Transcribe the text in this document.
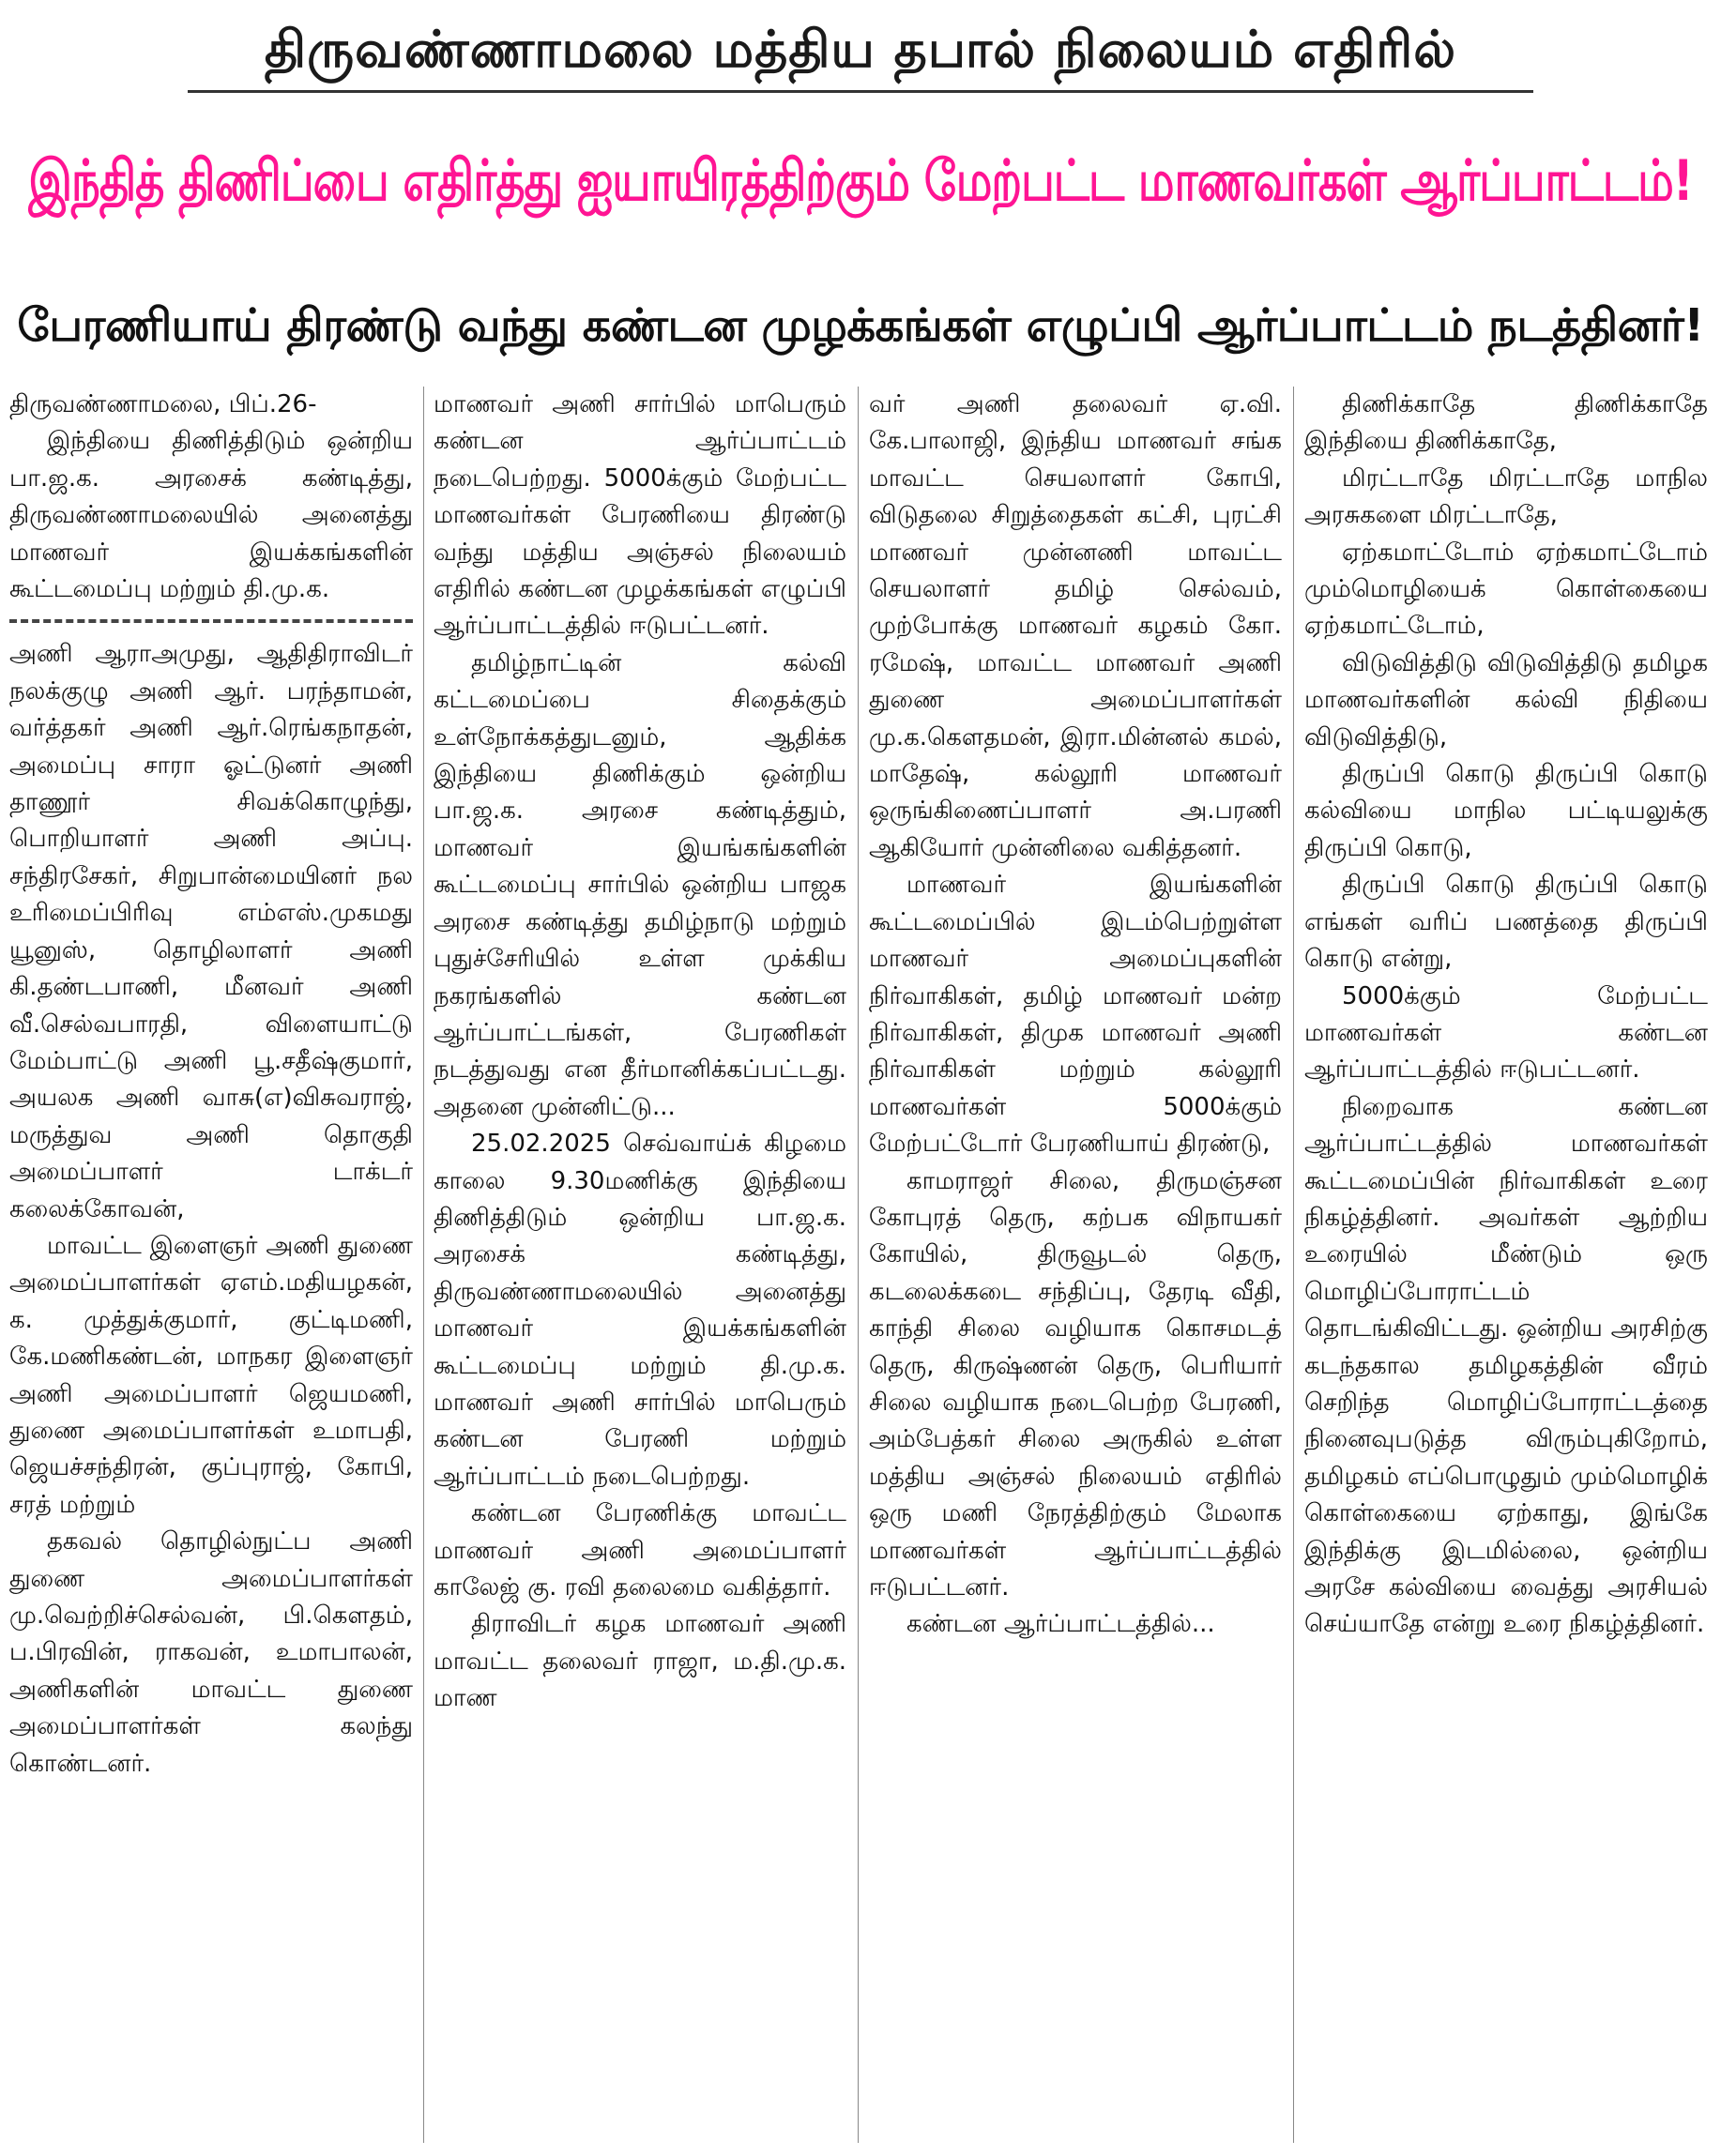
திருவண்ணாமலை மத்திய தபால் நிலையம் எதிரில்
இந்தித் திணிப்பை எதிர்த்து ஐயாயிரத்திற்கும் மேற்பட்ட மாணவர்கள் ஆர்ப்பாட்டம்!
பேரணியாய் திரண்டு வந்து கண்டன முழக்கங்கள் எழுப்பி ஆர்ப்பாட்டம் நடத்தினர்!

திருவண்ணாமலை, பிப்.26-

இந்தியை திணித்திடும் ஒன்றிய பா.ஜ.க. அரசைக் கண்டித்து, திருவண்ணாமலையில் அனைத்து மாணவர் இயக்கங்களின் கூட்டமைப்பு மற்றும் தி.மு.க.

அணி ஆராஅமுது, ஆதிதிராவிடர் நலக்குழு அணி ஆர். பரந்தாமன், வர்த்தகர் அணி ஆர்.ரெங்கநாதன், அமைப்பு சாரா ஓட்டுனர் அணி தாணூர் சிவக்கொழுந்து, பொறியாளர் அணி அப்பு. சந்திரசேகர், சிறுபான்மையினர் நல உரிமைப்பிரிவு எம்எஸ்.முகமது யூனுஸ், தொழிலாளர் அணி கி.தண்டபாணி, மீனவர் அணி வீ.செல்வபாரதி, விளையாட்டு மேம்பாட்டு அணி பூ.சதீஷ்குமார், அயலக அணி வாசு(எ)விசுவராஜ், மருத்துவ அணி தொகுதி அமைப்பாளர் டாக்டர் கலைக்கோவன்,

மாவட்ட இளைஞர் அணி துணை அமைப்பாளர்கள் ஏஎம்.மதியழகன், க. முத்துக்குமார், குட்டிமணி, கே.மணிகண்டன், மாநகர இளைஞர் அணி அமைப்பாளர் ஜெயமணி, துணை அமைப்பாளர்கள் உமாபதி, ஜெயச்சந்திரன், குப்புராஜ், கோபி, சரத் மற்றும்

தகவல் தொழில்நுட்ப அணி துணை அமைப்பாளர்கள் மு.வெற்றிச்செல்வன், பி.கௌதம், ப.பிரவின், ராகவன், உமாபாலன், அணிகளின் மாவட்ட துணை அமைப்பாளர்கள் கலந்து கொண்டனர்.

மாணவர் அணி சார்பில் மாபெரும் கண்டன ஆர்ப்பாட்டம் நடைபெற்றது. 5000க்கும் மேற்பட்ட மாணவர்கள் பேரணியை திரண்டு வந்து மத்திய அஞ்சல் நிலையம் எதிரில் கண்டன முழக்கங்கள் எழுப்பி ஆர்ப்பாட்டத்தில் ஈடுபட்டனர்.

தமிழ்நாட்டின் கல்வி கட்டமைப்பை சிதைக்கும் உள்நோக்கத்துடனும், ஆதிக்க இந்தியை திணிக்கும் ஒன்றிய பா.ஜ.க. அரசை கண்டித்தும், மாணவர் இயங்கங்களின் கூட்டமைப்பு சார்பில் ஒன்றிய பாஜக அரசை கண்டித்து தமிழ்நாடு மற்றும் புதுச்சேரியில் உள்ள முக்கிய நகரங்களில் கண்டன ஆர்ப்பாட்டங்கள், பேரணிகள் நடத்துவது என தீர்மானிக்கப்பட்டது. அதனை முன்னிட்டு...

25.02.2025 செவ்வாய்க் கிழமை காலை 9.30மணிக்கு இந்தியை திணித்திடும் ஒன்றிய பா.ஜ.க. அரசைக் கண்டித்து, திருவண்ணாமலையில் அனைத்து மாணவர் இயக்கங்களின் கூட்டமைப்பு மற்றும் தி.மு.க. மாணவர் அணி சார்பில் மாபெரும் கண்டன பேரணி மற்றும் ஆர்ப்பாட்டம் நடைபெற்றது.

கண்டன பேரணிக்கு மாவட்ட மாணவர் அணி அமைப்பாளர் காலேஜ் கு. ரவி தலைமை வகித்தார்.

திராவிடர் கழக மாணவர் அணி மாவட்ட தலைவர் ராஜா, ம.தி.மு.க. மாண

வர் அணி தலைவர் ஏ.வி. கே.பாலாஜி, இந்திய மாணவர் சங்க மாவட்ட செயலாளர் கோபி, விடுதலை சிறுத்தைகள் கட்சி, புரட்சி மாணவர் முன்னணி மாவட்ட செயலாளர் தமிழ் செல்வம், முற்போக்கு மாணவர் கழகம் கோ. ரமேஷ், மாவட்ட மாணவர் அணி துணை அமைப்பாளர்கள் மு.க.கௌதமன், இரா.மின்னல் கமல், மாதேஷ், கல்லூரி மாணவர் ஒருங்கிணைப்பாளர் அ.பரணி ஆகியோர் முன்னிலை வகித்தனர்.

மாணவர் இயங்களின் கூட்டமைப்பில் இடம்பெற்றுள்ள மாணவர் அமைப்புகளின் நிர்வாகிகள், தமிழ் மாணவர் மன்ற நிர்வாகிகள், திமுக மாணவர் அணி நிர்வாகிகள் மற்றும் கல்லூரி மாணவர்கள் 5000க்கும் மேற்பட்டோர் பேரணியாய் திரண்டு,

காமராஜர் சிலை, திருமஞ்சன கோபுரத் தெரு, கற்பக விநாயகர் கோயில், திருவூடல் தெரு, கடலைக்கடை சந்திப்பு, தேரடி வீதி, காந்தி சிலை வழியாக கொசமடத் தெரு, கிருஷ்ணன் தெரு, பெரியார் சிலை வழியாக நடைபெற்ற பேரணி, அம்பேத்கர் சிலை அருகில் உள்ள மத்திய அஞ்சல் நிலையம் எதிரில் ஒரு மணி நேரத்திற்கும் மேலாக மாணவர்கள் ஆர்ப்பாட்டத்தில் ஈடுபட்டனர்.

கண்டன ஆர்ப்பாட்டத்தில்...

திணிக்காதே திணிக்காதே இந்தியை திணிக்காதே,

மிரட்டாதே மிரட்டாதே மாநில அரசுகளை மிரட்டாதே,

ஏற்கமாட்டோம் ஏற்கமாட்டோம் மும்மொழியைக் கொள்கையை ஏற்கமாட்டோம்,

விடுவித்திடு விடுவித்திடு தமிழக மாணவர்களின் கல்வி நிதியை விடுவித்திடு,

திருப்பி கொடு திருப்பி கொடு கல்வியை மாநில பட்டியலுக்கு திருப்பி கொடு,

திருப்பி கொடு திருப்பி கொடு எங்கள் வரிப் பணத்தை திருப்பி கொடு என்று,

5000க்கும் மேற்பட்ட மாணவர்கள் கண்டன ஆர்ப்பாட்டத்தில் ஈடுபட்டனர்.

நிறைவாக கண்டன ஆர்ப்பாட்டத்தில் மாணவர்கள் கூட்டமைப்பின் நிர்வாகிகள் உரை நிகழ்த்தினர். அவர்கள் ஆற்றிய உரையில் மீண்டும் ஒரு மொழிப்போராட்டம் தொடங்கிவிட்டது. ஒன்றிய அரசிற்கு கடந்தகால தமிழகத்தின் வீரம் செறிந்த மொழிப்போராட்டத்தை நினைவுபடுத்த விரும்புகிறோம், தமிழகம் எப்பொழுதும் மும்மொழிக் கொள்கையை ஏற்காது, இங்கே இந்திக்கு இடமில்லை, ஒன்றிய அரசே கல்வியை வைத்து அரசியல் செய்யாதே என்று உரை நிகழ்த்தினர்.
